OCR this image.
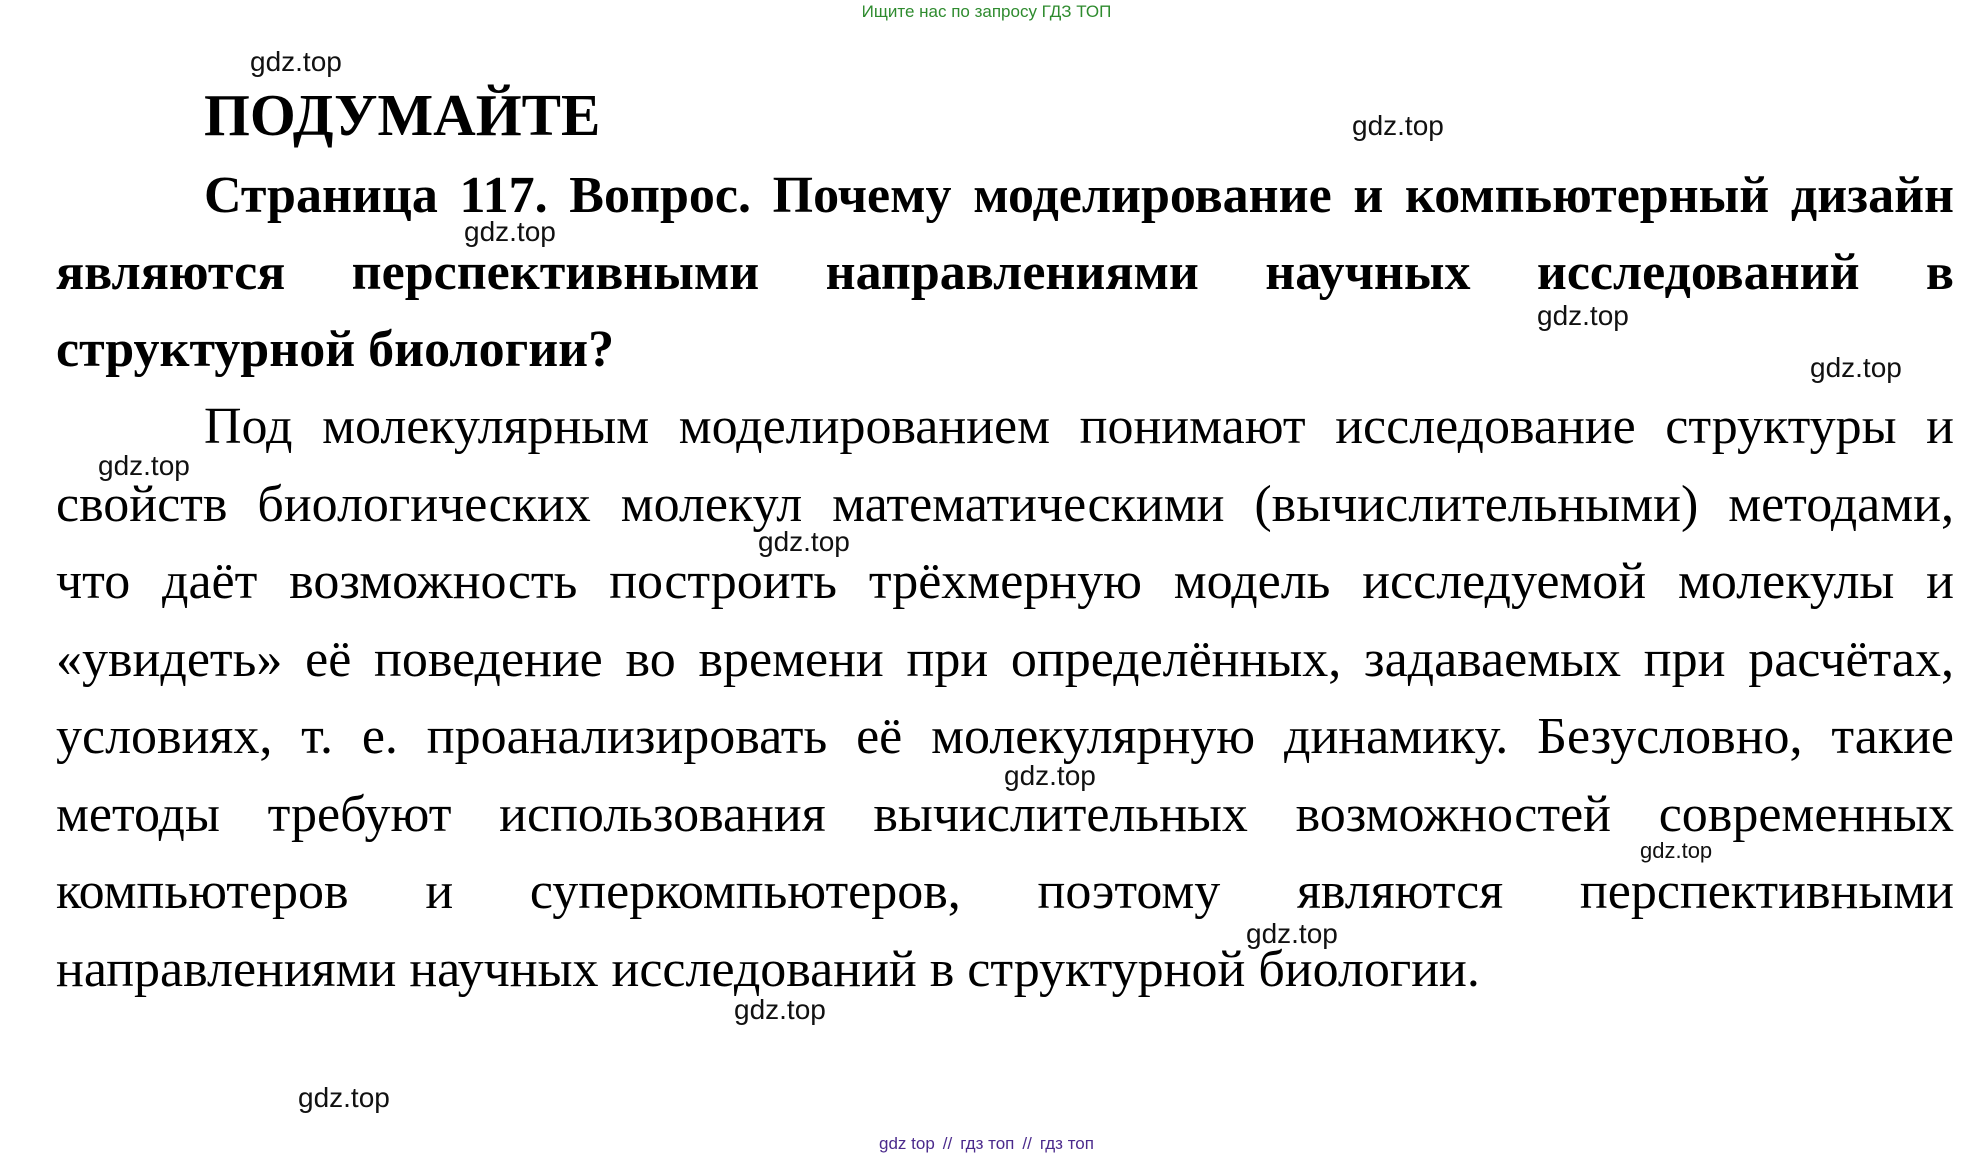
Ищите нас по запросу ГДЗ ТОП
ПОДУМАЙТЕ

Страница 117. Вопрос. Почему моделирование и компьютерный дизайн являются перспективными направлениями научных исследований в структурной биологии?

Под молекулярным моделированием понимают исследование структуры и свойств биологических молекул математическими (вычислительными) методами, что даёт возможность построить трёхмерную модель исследуемой молекулы и «увидеть» её поведение во времени при определённых, задаваемых при расчётах, условиях, т. е. проанализировать её молекулярную динамику. Безусловно, такие методы требуют использования вычислительных возможностей современных компьютеров и суперкомпьютеров, поэтому являются перспективными направлениями научных исследований в структурной биологии.

gdz.top
gdz.top
gdz.top
gdz.top
gdz.top
gdz.top
gdz.top
gdz.top
gdz.top
gdz.top
gdz.top
gdz.top
gdz top // гдз топ // гдз топ
